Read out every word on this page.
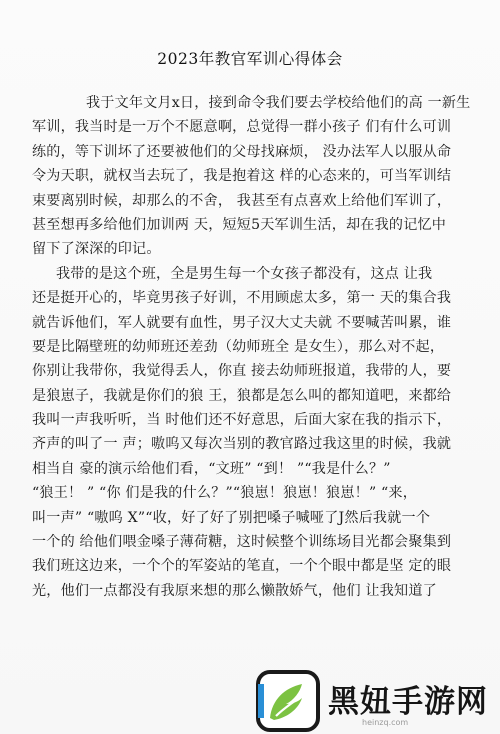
2023年教官军训心得体会
我于文年文月x日，接到命令我们要去学校给他们的高 一新生
军训，我当时是一万个不愿意啊，总觉得一群小孩子 们有什么可训
练的，等下训坏了还要被他们的父母找麻烦， 没办法军人以服从命
令为天职，就权当去玩了，我是抱着这 样的心态来的，可当军训结
束要离别时候，却那么的不舍， 我甚至有点喜欢上给他们军训了，
甚至想再多给他们加训两 天，短短5天军训生活，却在我的记忆中
留下了深深的印记。
我带的是这个班，全是男生每一个女孩子都没有，这点 让我
还是挺开心的，毕竟男孩子好训，不用顾虑太多，第一 天的集合我
就告诉他们，军人就要有血性，男子汉大丈夫就 不要喊苦叫累，谁
要是比隔壁班的幼师班还差劲（幼师班全 是女生），那么对不起，
你别让我带你，我觉得丢人，你直 接去幼师班报道，我带的人，要
是狼崽子，我就是你们的狼 王，狼都是怎么叫的都知道吧，来都给
我叫一声我听听，当 时他们还不好意思，后面大家在我的指示下，
齐声的叫了一 声；嗷呜又每次当别的教官路过我这里的时候，我就
相当自 豪的演示给他们看，“文班” “到！ ”“我是什么？”
“狼王！ ” “你 们是我的什么？”“狼崽！狼崽！狼崽！” “来，
叫一声” “嗷呜 X”“收，好了好了别把嗓子喊哑了J然后我就一个
一个的 给他们喂金嗓子薄荷糖，这时候整个训练场目光都会聚集到
我们班这边来，一个个的军姿站的笔直，一个个眼中都是坚 定的眼
光，他们一点都没有我原来想的那么懒散娇气，他们 让我知道了
黑妞手游网
heinzq.com
